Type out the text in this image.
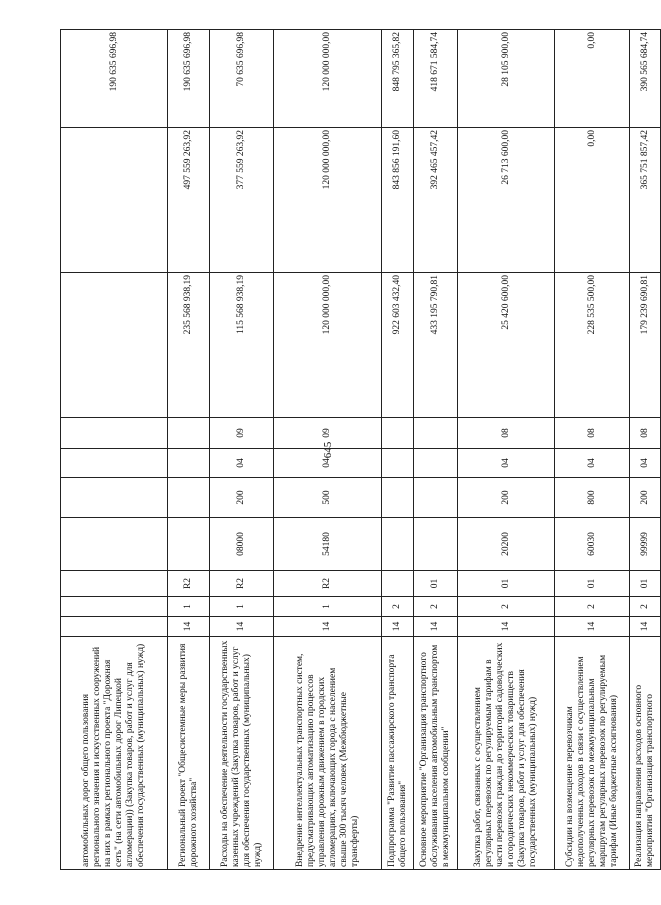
645
автомобильных дорог общего пользования регионального значения и искусственных сооружений на них в рамках регионального проекта "Дорожная сеть" (на сети автомобильных дорог Липецкой агломерации)) (Закупка товаров, работ и услуг для обеспечения государственных (муниципальных) нужд)										190 635 696,98
Региональный проект "Общесистемные меры развития дорожного хозяйства"	14	1	R2					235 568 938,19	497 559 263,92	190 635 696,98
Расходы на обеспечение деятельности государственных казенных учреждений (Закупка товаров, работ и услуг для обеспечения государственных (муниципальных) нужд)	14	1	R2	08000	200	04	09	115 568 938,19	377 559 263,92	70 635 696,98
Внедрение интеллектуальных транспортных систем, предусматривающих автоматизацию процессов управления дорожным движением в городских агломерациях, включающих города с населением свыше 300 тысяч человек (Межбюджетные трансферты)	14	1	R2	54180	500	04	09	120 000 000,00	120 000 000,00	120 000 000,00
Подпрограмма "Развитие пассажирского транспорта общего пользования"	14	2						922 603 432,40	843 856 191,60	848 795 365,82
Основное мероприятие "Организация транспортного обслуживания населения автомобильным транспортом в межмуниципальном сообщении"	14	2	01					433 195 790,81	392 465 457,42	418 671 584,74
Закупка работ, связанных с осуществлением регулярных перевозок по регулируемым тарифам в части перевозок граждан до территорий садоводческих и огороднических некоммерческих товариществ (Закупка товаров, работ и услуг для обеспечения государственных (муниципальных) нужд)	14	2	01	20200	200	04	08	25 420 600,00	26 713 600,00	28 105 900,00
Субсидии на возмещение перевозчикам недополученных доходов в связи с осуществлением регулярных перевозок по межмуниципальным маршрутам регулярных перевозок по регулируемым тарифам (Иные бюджетные ассигнования)	14	2	01	60030	800	04	08	228 535 500,00	0,00	0,00
Реализация направления расходов основного мероприятия "Организация транспортного	14	2	01	99999	200	04	08	179 239 690,81	365 751 857,42	390 565 684,74
